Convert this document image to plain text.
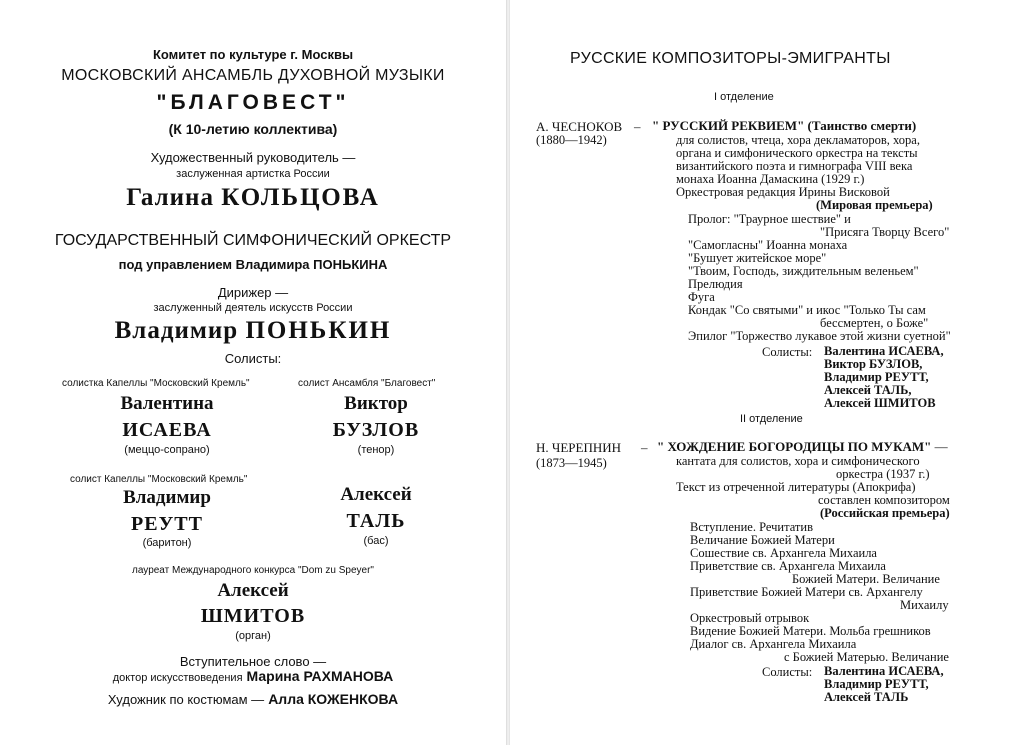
Комитет по культуре г. Москвы
МОСКОВСКИЙ АНСАМБЛЬ ДУХОВНОЙ МУЗЫКИ
"БЛАГОВЕСТ"
(К 10-летию коллектива)
Художественный руководитель —
заслуженная артистка России
Галина КОЛЬЦОВА
ГОСУДАРСТВЕННЫЙ СИМФОНИЧЕСКИЙ ОРКЕСТР
под управлением Владимира ПОНЬКИНА
Дирижер —
заслуженный деятель искусств России
Владимир ПОНЬКИН
Солисты:
солистка Капеллы "Московский Кремль"
Валентина
ИСАЕВА
(меццо-сопрано)
солист Ансамбля "Благовест"
Виктор
БУЗЛОВ
(тенор)
солист Капеллы "Московский Кремль"
Владимир
РЕУТТ
(баритон)
Алексей
ТАЛЬ
(бас)
лауреат Международного конкурса "Dom zu Speyer"
Алексей
ШМИТОВ
(орган)
Вступительное слово —
доктор искусствоведения Марина РАХМАНОВА
Художник по костюмам — Алла КОЖЕНКОВА
РУССКИЕ КОМПОЗИТОРЫ-ЭМИГРАНТЫ
I отделение
А. ЧЕСНОКОВ –
(1880—1942)
" РУССКИЙ РЕКВИЕМ" (Таинство смерти)
для солистов, чтеца, хора декламаторов, хора,
органа и симфонического оркестра на тексты
византийского поэта и гимнографа VIII века
монаха Иоанна Дамаскина (1929 г.)
Оркестровая редакция Ирины Висковой
(Мировая премьера)
Пролог: "Траурное шествие" и
"Присяга Творцу Всего"
"Самогласны" Иоанна монаха
"Бушует житейское море"
"Твоим, Господь, зиждительным веленьем"
Прелюдия
Фуга
Кондак "Со святыми" и икос "Только Ты сам
бессмертен, о Боже"
Эпилог "Торжество лукавое этой жизни суетной"
Солисты: Валентина ИСАЕВА,
Виктор БУЗЛОВ,
Владимир РЕУТТ,
Алексей ТАЛЬ,
Алексей ШМИТОВ
II отделение
Н. ЧЕРЕПНИН –
(1873—1945)
" ХОЖДЕНИЕ БОГОРОДИЦЫ ПО МУКАМ" —
кантата для солистов, хора и симфонического
оркестра (1937 г.)
Текст из отреченной литературы (Апокрифа)
составлен композитором
(Российская премьера)
Вступление. Речитатив
Величание Божией Матери
Сошествие св. Архангела Михаила
Приветствие св. Архангела Михаила
Божией Матери. Величание
Приветствие Божией Матери св. Архангелу
Михаилу
Оркестровый отрывок
Видение Божией Матери. Мольба грешников
Диалог св. Архангела Михаила
с Божией Матерью. Величание
Солисты: Валентина ИСАЕВА,
Владимир РЕУТТ,
Алексей ТАЛЬ
